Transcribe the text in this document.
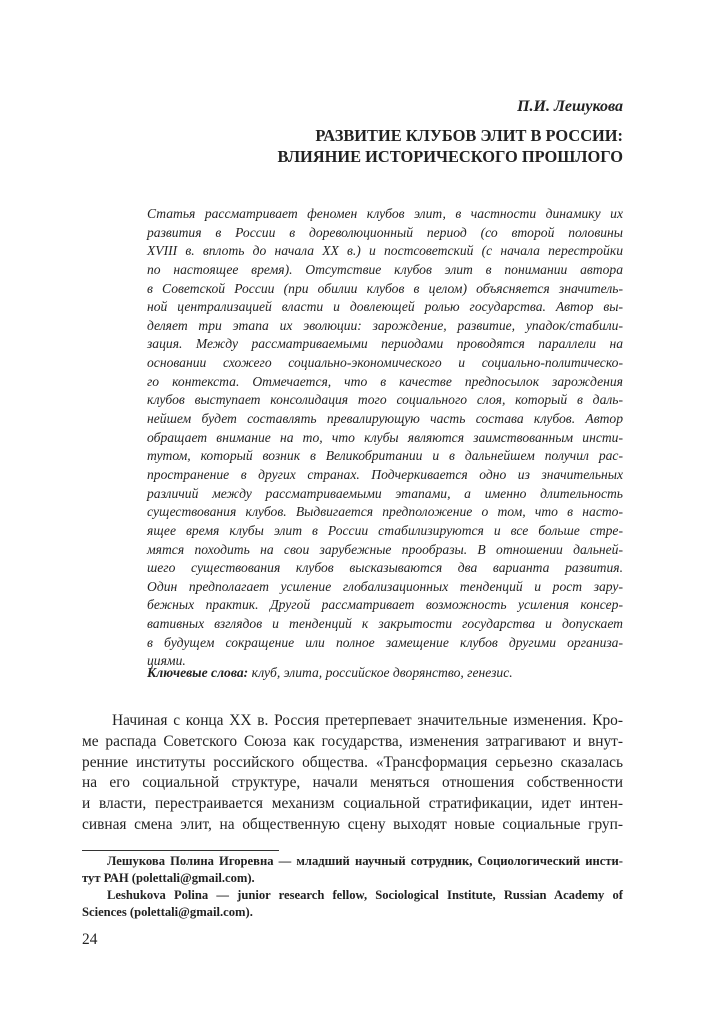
П.И. Лешукова
РАЗВИТИЕ КЛУБОВ ЭЛИТ В РОССИИ:
ВЛИЯНИЕ ИСТОРИЧЕСКОГО ПРОШЛОГО
Статья рассматривает феномен клубов элит, в частности динамику их
развития в России в дореволюционный период (со второй половины
XVIII в. вплоть до начала XX в.) и постсоветский (с начала перестройки
по настоящее время). Отсутствие клубов элит в понимании автора
в Советской России (при обилии клубов в целом) объясняется значитель-
ной централизацией власти и довлеющей ролью государства. Автор вы-
деляет три этапа их эволюции: зарождение, развитие, упадок/стабили-
зация. Между рассматриваемыми периодами проводятся параллели на
основании схожего социально-экономического и социально-политическо-
го контекста. Отмечается, что в качестве предпосылок зарождения
клубов выступает консолидация того социального слоя, который в даль-
нейшем будет составлять превалирующую часть состава клубов. Автор
обращает внимание на то, что клубы являются заимствованным инсти-
тутом, который возник в Великобритании и в дальнейшем получил рас-
пространение в других странах. Подчеркивается одно из значительных
различий между рассматриваемыми этапами, а именно длительность
существования клубов. Выдвигается предположение о том, что в насто-
ящее время клубы элит в России стабилизируются и все больше стре-
мятся походить на свои зарубежные прообразы. В отношении дальней-
шего существования клубов высказываются два варианта развития.
Один предполагает усиление глобализационных тенденций и рост зару-
бежных практик. Другой рассматривает возможность усиления консер-
вативных взглядов и тенденций к закрытости государства и допускает
в будущем сокращение или полное замещение клубов другими организа-
циями.
Ключевые слова: клуб, элита, российское дворянство, генезис.
Начиная с конца XX в. Россия претерпевает значительные изменения. Кро-
ме распада Советского Союза как государства, изменения затрагивают и внут-
ренние институты российского общества. «Трансформация серьезно сказалась
на его социальной структуре, начали меняться отношения собственности
и власти, перестраивается механизм социальной стратификации, идет интен-
сивная смена элит, на общественную сцену выходят новые социальные груп-
Лешукова Полина Игоревна — младший научный сотрудник, Социологический инсти-
тут РАН (polettali@gmail.com).
Leshukova Polina — junior research fellow, Sociological Institute, Russian Academy of
Sciences (polettali@gmail.com).
24
